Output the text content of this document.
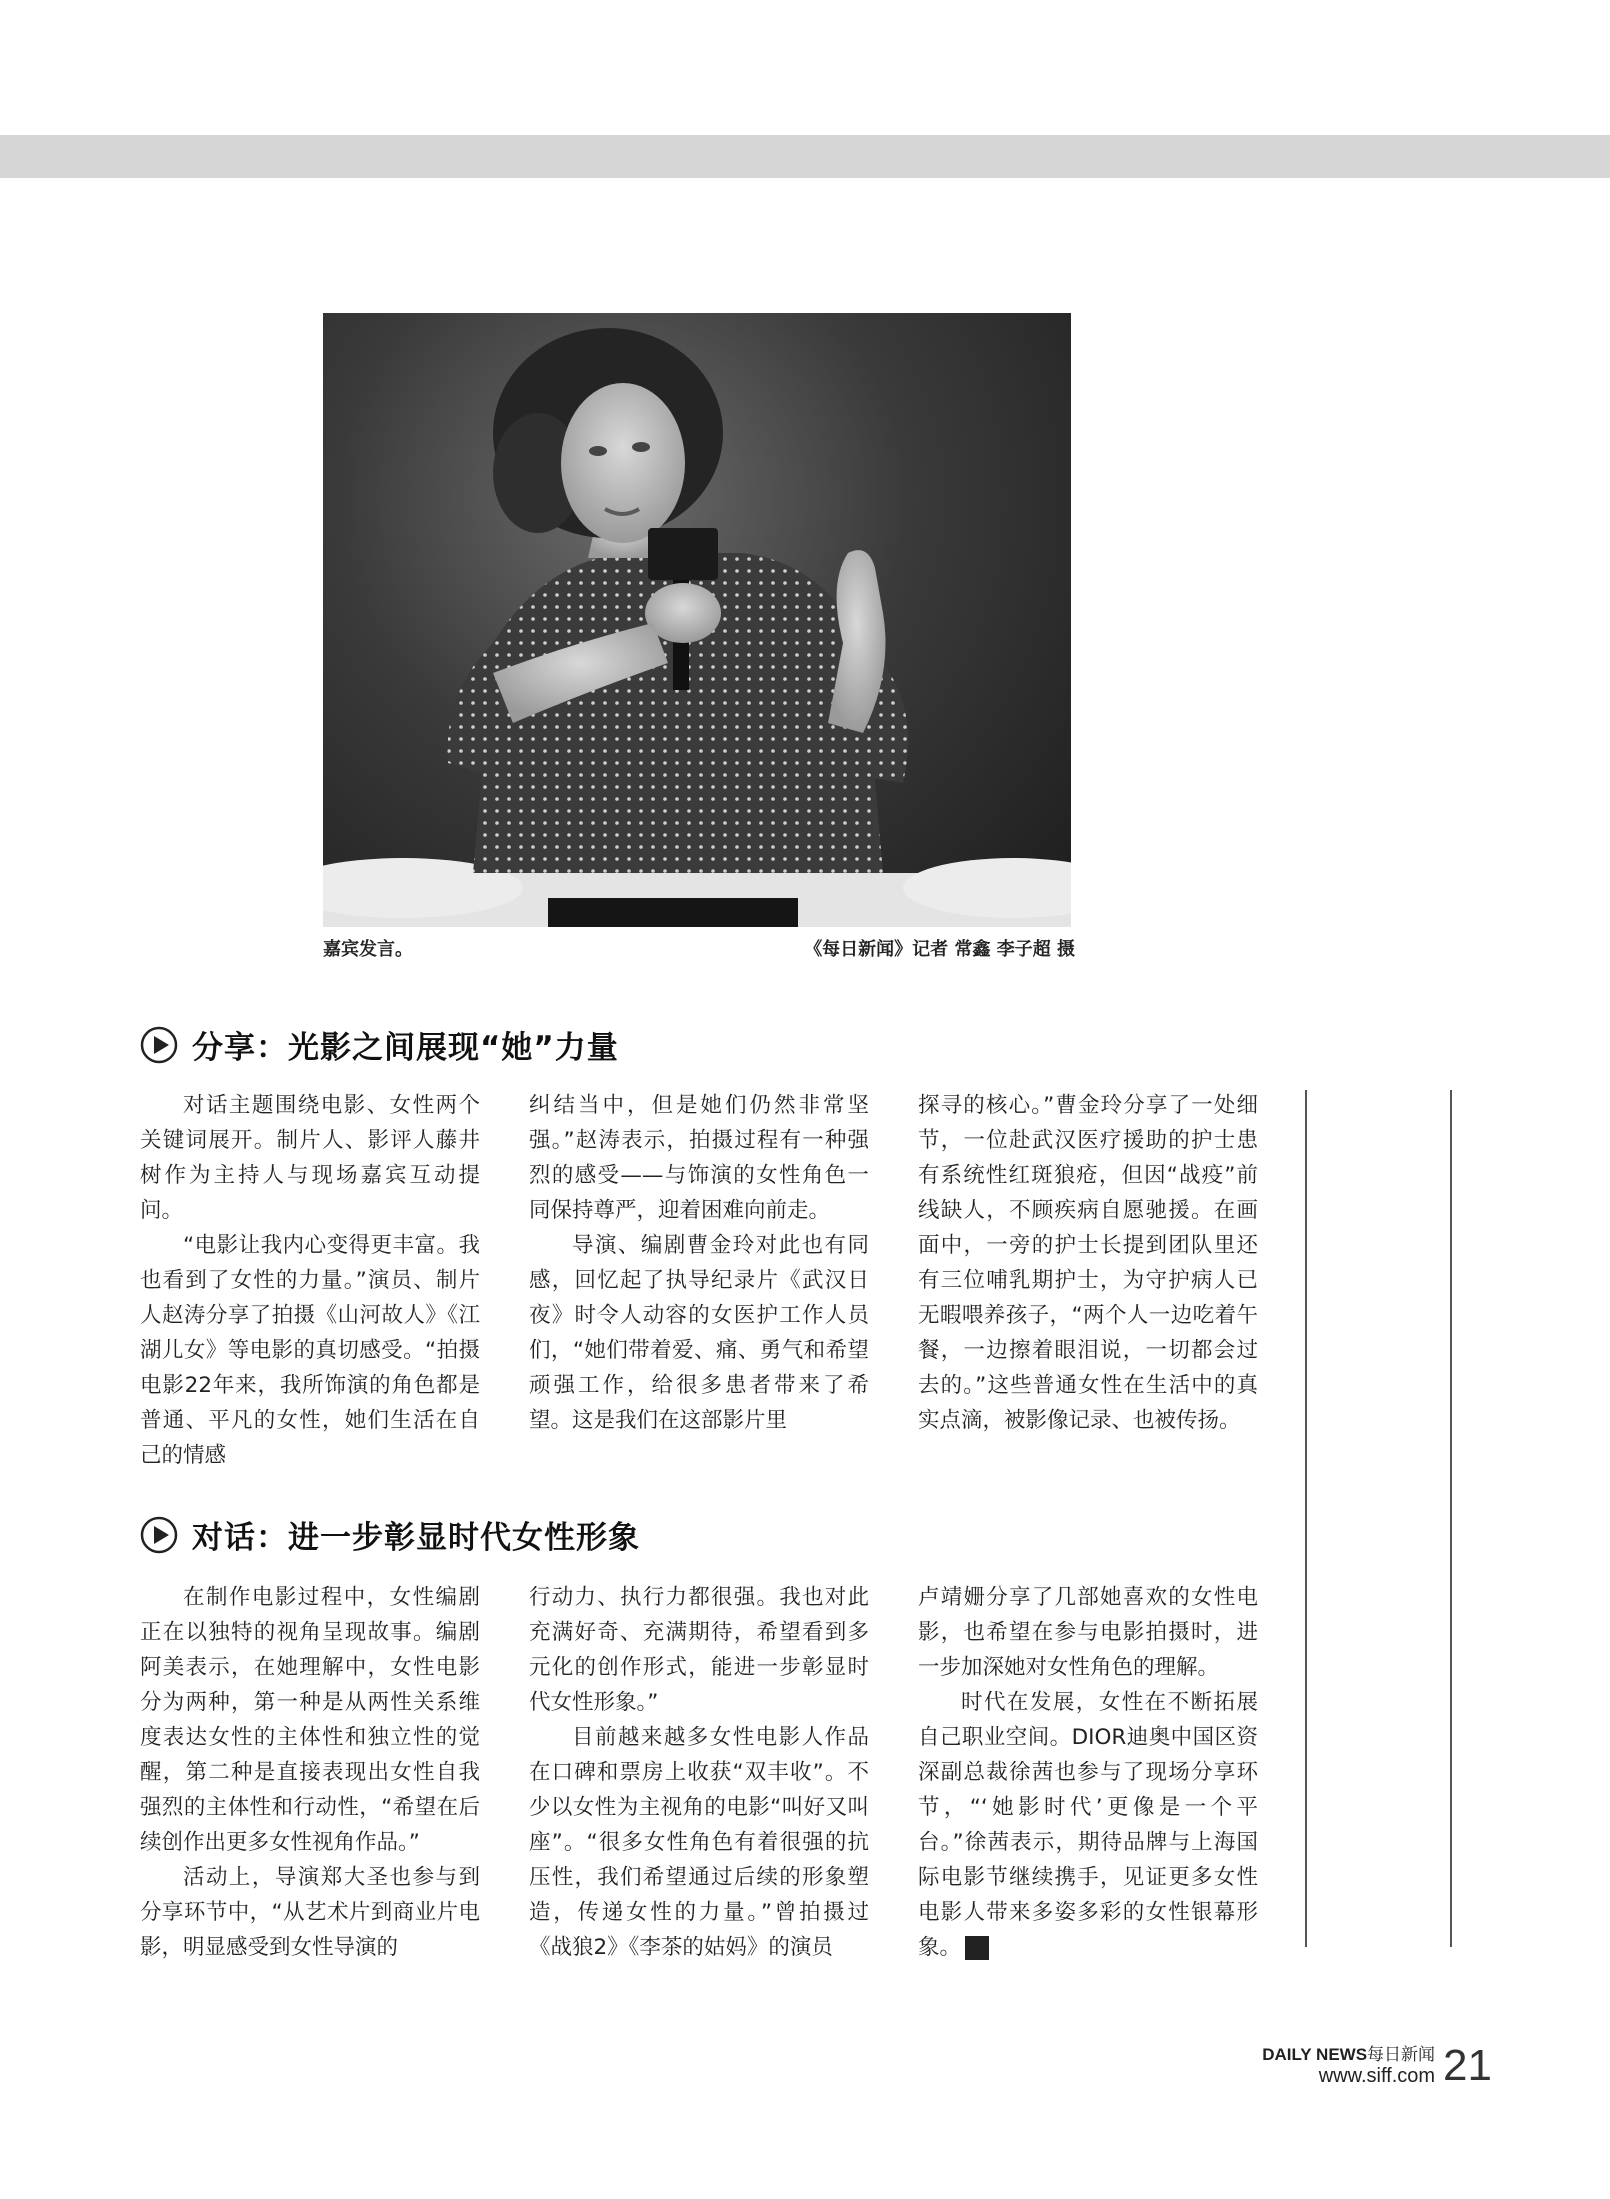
嘉宾发言。	《每日新闻》记者 常鑫 李子超 摄
分享：光影之间展现“她”力量

对话主题围绕电影、女性两个关键词展开。制片人、影评人藤井树作为主持人与现场嘉宾互动提问。

“电影让我内心变得更丰富。我也看到了女性的力量。”演员、制片人赵涛分享了拍摄《山河故人》《江湖儿女》等电影的真切感受。“拍摄电影22年来，我所饰演的角色都是普通、平凡的女性，她们生活在自己的情感

纠结当中，但是她们仍然非常坚强。”赵涛表示，拍摄过程有一种强烈的感受——与饰演的女性角色一同保持尊严，迎着困难向前走。

导演、编剧曹金玲对此也有同感，回忆起了执导纪录片《武汉日夜》时令人动容的女医护工作人员们，“她们带着爱、痛、勇气和希望顽强工作，给很多患者带来了希望。这是我们在这部影片里

探寻的核心。”曹金玲分享了一处细节，一位赴武汉医疗援助的护士患有系统性红斑狼疮，但因“战疫”前线缺人，不顾疾病自愿驰援。在画面中，一旁的护士长提到团队里还有三位哺乳期护士，为守护病人已无暇喂养孩子，“两个人一边吃着午餐，一边擦着眼泪说，一切都会过去的。”这些普通女性在生活中的真实点滴，被影像记录、也被传扬。

对话：进一步彰显时代女性形象

在制作电影过程中，女性编剧正在以独特的视角呈现故事。编剧阿美表示，在她理解中，女性电影分为两种，第一种是从两性关系维度表达女性的主体性和独立性的觉醒，第二种是直接表现出女性自我强烈的主体性和行动性，“希望在后续创作出更多女性视角作品。”

活动上，导演郑大圣也参与到分享环节中，“从艺术片到商业片电影，明显感受到女性导演的

行动力、执行力都很强。我也对此充满好奇、充满期待，希望看到多元化的创作形式，能进一步彰显时代女性形象。”

目前越来越多女性电影人作品在口碑和票房上收获“双丰收”。不少以女性为主视角的电影“叫好又叫座”。“很多女性角色有着很强的抗压性，我们希望通过后续的形象塑造，传递女性的力量。”曾拍摄过《战狼2》《李茶的姑妈》的演员

卢靖姗分享了几部她喜欢的女性电影，也希望在参与电影拍摄时，进一步加深她对女性角色的理解。

时代在发展，女性在不断拓展自己职业空间。DIOR迪奥中国区资深副总裁徐茜也参与了现场分享环节，“‘她影时代’更像是一个平台。”徐茜表示，期待品牌与上海国际电影节继续携手，见证更多女性电影人带来多姿多彩的女性银幕形象。	T

DAILY NEWS每日新闻
www.siff.com 21
